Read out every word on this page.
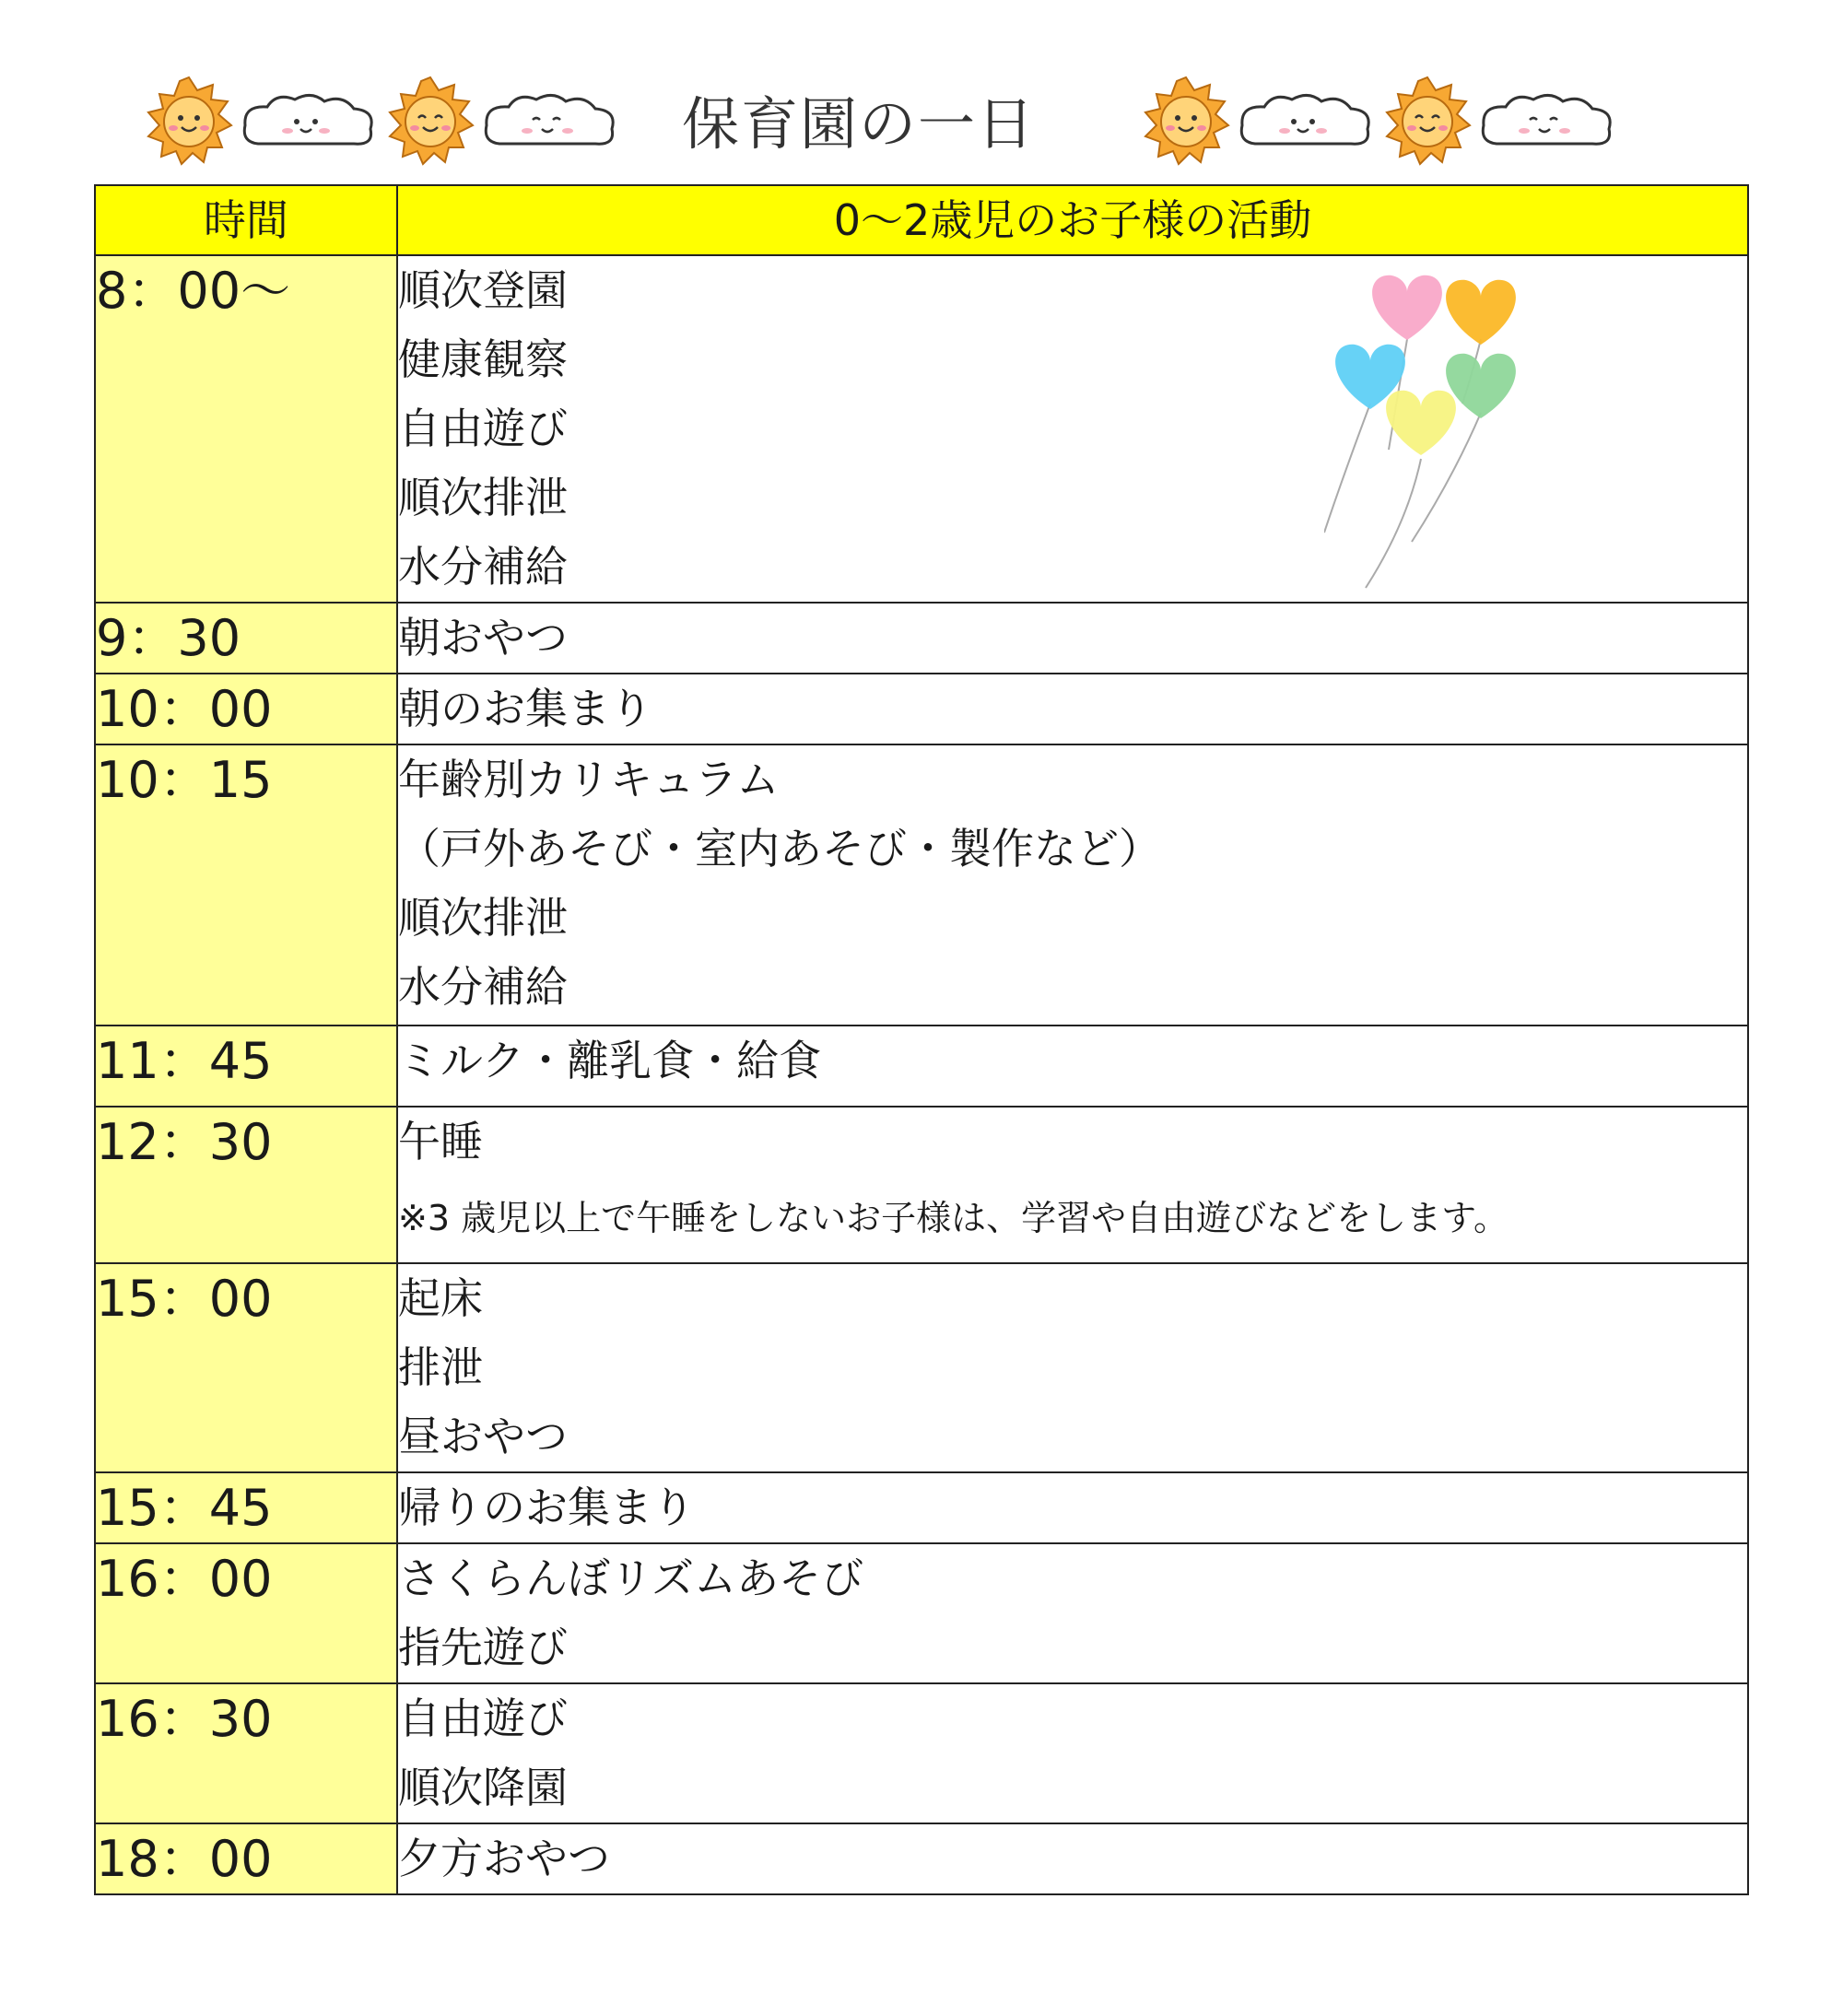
保育園の一日
時間	0～2歳児のお子様の活動
8：00～	順次登園
健康観察
自由遊び
順次排泄
水分補給

9：30	朝おやつ

10：00	朝のお集まり

10：15	年齢別カリキュラム
（戸外あそび・室内あそび・製作など）
順次排泄
水分補給

11：45	ミルク・離乳食・給食

12：30	午睡
※3 歳児以上で午睡をしないお子様は、学習や自由遊びなどをします。

15：00	起床
排泄
昼おやつ

15：45	帰りのお集まり

16：00	さくらんぼリズムあそび
指先遊び

16：30	自由遊び
順次降園

18：00	夕方おやつ
